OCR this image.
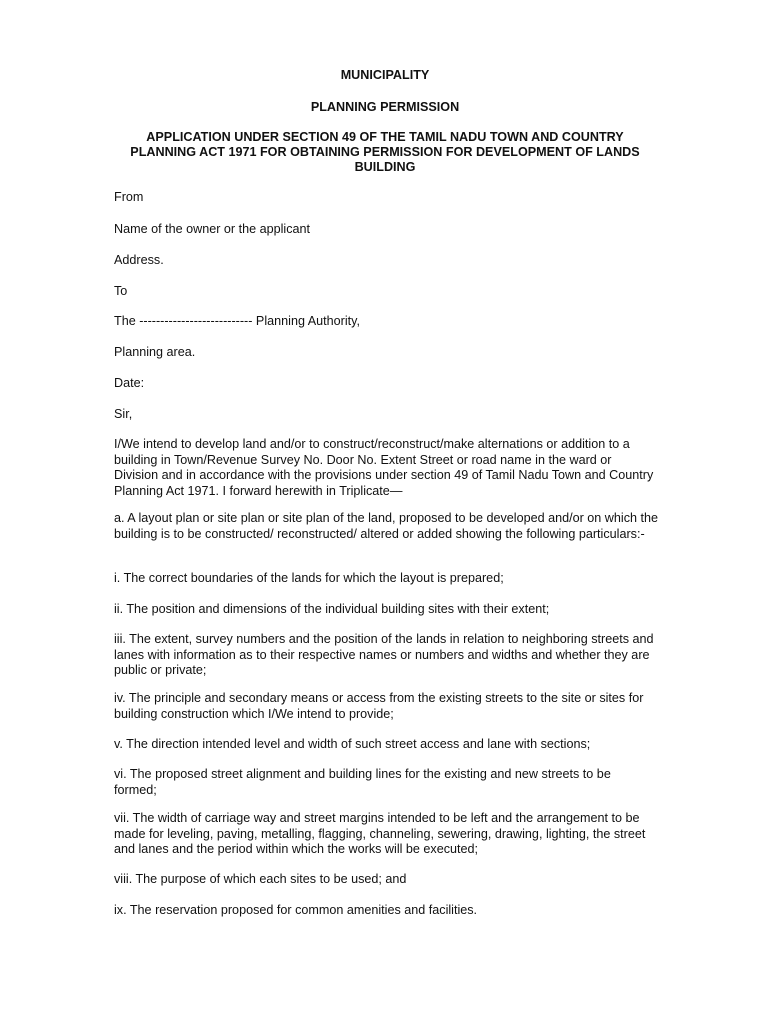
MUNICIPALITY

PLANNING PERMISSION

APPLICATION UNDER SECTION 49 OF THE TAMIL NADU TOWN AND COUNTRY PLANNING ACT 1971 FOR OBTAINING PERMISSION FOR DEVELOPMENT OF LANDS BUILDING

From

Name of the owner or the applicant

Address.

To

The --------------------------- Planning Authority,

Planning area.

Date:

Sir,

I/We intend to develop land and/or to construct/reconstruct/make alternations or addition to a building in Town/Revenue Survey No. Door No. Extent Street or road name in the ward or Division and in accordance with the provisions under section 49 of Tamil Nadu Town and Country Planning Act 1971. I forward herewith in Triplicate—

a. A layout plan or site plan or site plan of the land, proposed to be developed and/or on which the building is to be constructed/ reconstructed/ altered or added showing the following particulars:-

i. The correct boundaries of the lands for which the layout is prepared;

ii. The position and dimensions of the individual building sites with their extent;

iii. The extent, survey numbers and the position of the lands in relation to neighboring streets and lanes with information as to their respective names or numbers and widths and whether they are public or private;

iv. The principle and secondary means or access from the existing streets to the site or sites for building construction which I/We intend to provide;

v. The direction intended level and width of such street access and lane with sections;

vi. The proposed street alignment and building lines for the existing and new streets to be formed;

vii. The width of carriage way and street margins intended to be left and the arrangement to be made for leveling, paving, metalling, flagging, channeling, sewering, drawing, lighting, the street and lanes and the period within which the works will be executed;

viii. The purpose of which each sites to be used; and

ix. The reservation proposed for common amenities and facilities.
